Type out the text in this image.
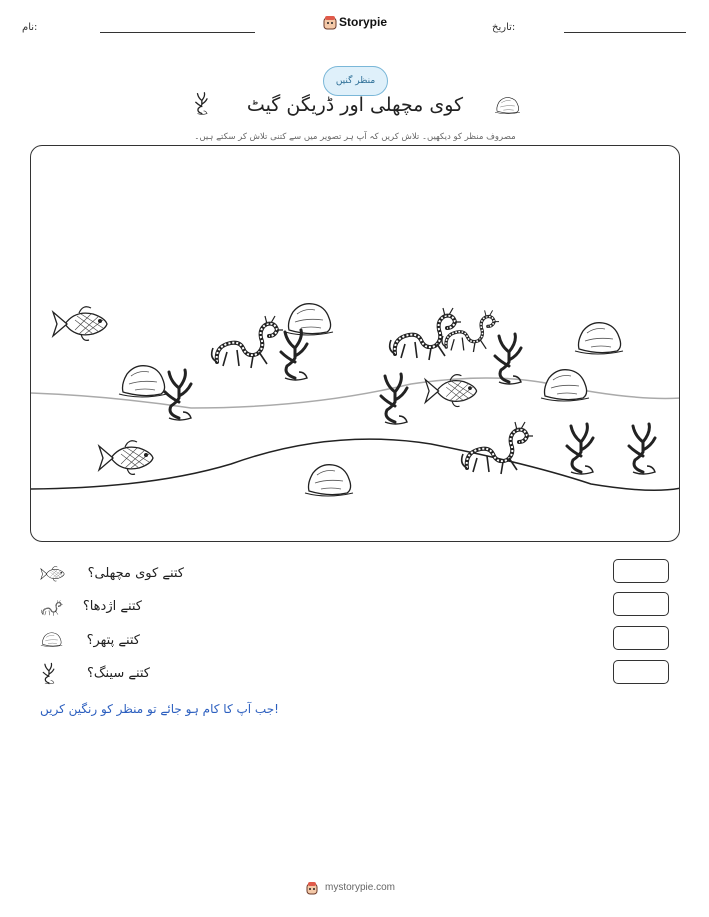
نام:	Storypie	تاریخ:
منظر گنیں
کوی مچھلی اور ڈریگن گیٹ
مصروف منظر کو دیکھیں۔ تلاش کریں کہ آپ ہر تصویر میں سے کتنی تلاش کر سکتے ہیں۔
کتنے کوی مچھلی؟
کتنے اژدھا؟
کتنے پتھر؟
کتنے سینگ؟
جب آپ کا کام ہو جائے تو منظر کو رنگین کریں!
mystorypie.com
